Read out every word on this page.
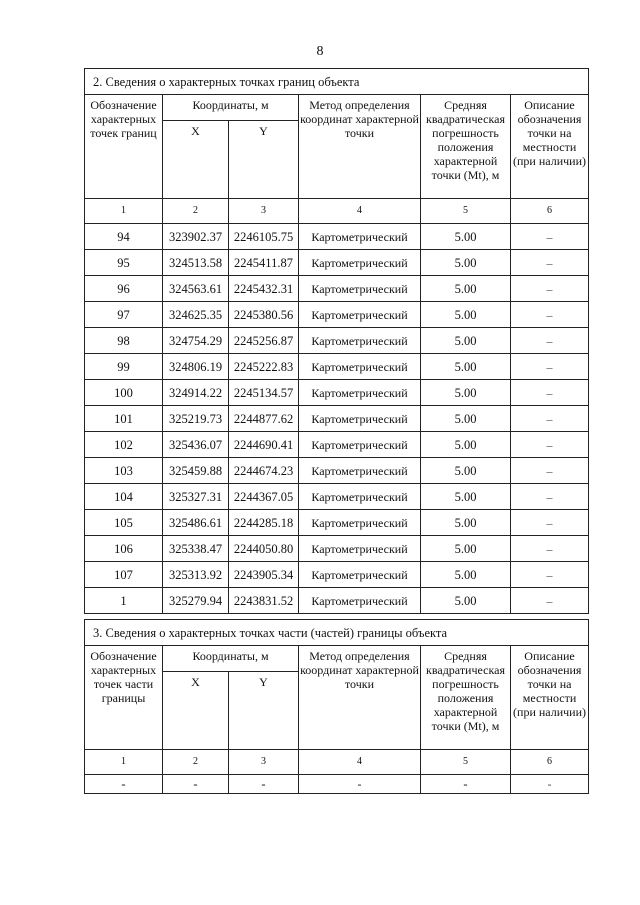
8
2. Сведения о характерных точках границ объекта					
Обозначение характерных точек границ	Координаты, м		Метод определения координат характерной точки	Средняя квадратическая погрешность положения характерной точки (Mt), м	Описание обозначения точки на местности (при наличии)
	X	Y			
1	2	3	4	5	6
94	323902.37	2246105.75	Картометрический	5.00	–
95	324513.58	2245411.87	Картометрический	5.00	–
96	324563.61	2245432.31	Картометрический	5.00	–
97	324625.35	2245380.56	Картометрический	5.00	–
98	324754.29	2245256.87	Картометрический	5.00	–
99	324806.19	2245222.83	Картометрический	5.00	–
100	324914.22	2245134.57	Картометрический	5.00	–
101	325219.73	2244877.62	Картометрический	5.00	–
102	325436.07	2244690.41	Картометрический	5.00	–
103	325459.88	2244674.23	Картометрический	5.00	–
104	325327.31	2244367.05	Картометрический	5.00	–
105	325486.61	2244285.18	Картометрический	5.00	–
106	325338.47	2244050.80	Картометрический	5.00	–
107	325313.92	2243905.34	Картометрический	5.00	–
1	325279.94	2243831.52	Картометрический	5.00	–
3. Сведения о характерных точках части (частей) границы объекта					
Обозначение характерных точек части границы	Координаты, м		Метод определения координат характерной точки	Средняя квадратическая погрешность положения характерной точки (Mt), м	Описание обозначения точки на местности (при наличии)
	X	Y			
1	2	3	4	5	6
-	-	-	-	-	-
